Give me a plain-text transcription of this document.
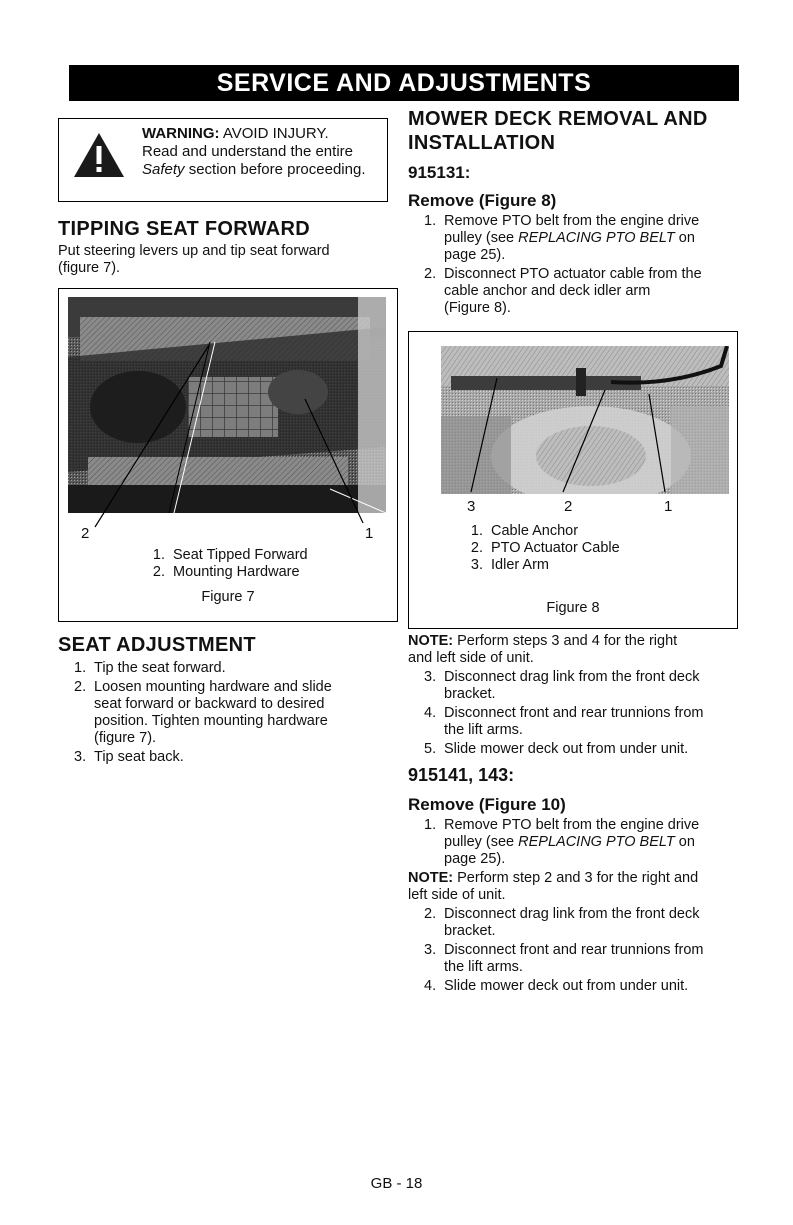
SERVICE AND ADJUSTMENTS
WARNING: AVOID INJURY.
Read and understand the entire
Safety section before proceeding.
TIPPING SEAT FORWARD

Put steering levers up and tip seat forward

(figure 7).

2	1
1. Seat Tipped Forward
2. Mounting Hardware
Figure 7
SEAT ADJUSTMENT
1. Tip the seat forward.
2. Loosen mounting hardware and slide
seat forward or backward to desired
position. Tighten mounting hardware
(figure 7).
3. Tip seat back.
MOWER DECK REMOVAL AND
INSTALLATION
915131:
Remove (Figure 8)
1. Remove PTO belt from the engine drive
pulley (see REPLACING PTO BELT on
page 25).
2. Disconnect PTO actuator cable from the
cable anchor and deck idler arm
(Figure 8).
3	2	1
1. Cable Anchor
2. PTO Actuator Cable
3. Idler Arm
Figure 8
NOTE: Perform steps 3 and 4 for the right
and left side of unit.
3. Disconnect drag link from the front deck
bracket.
4. Disconnect front and rear trunnions from
the lift arms.
5. Slide mower deck out from under unit.
915141, 143:
Remove (Figure 10)
1. Remove PTO belt from the engine drive
pulley (see REPLACING PTO BELT on
page 25).
NOTE: Perform step 2 and 3 for the right and
left side of unit.
2. Disconnect drag link from the front deck
bracket.
3. Disconnect front and rear trunnions from
the lift arms.
4. Slide mower deck out from under unit.
GB - 18
